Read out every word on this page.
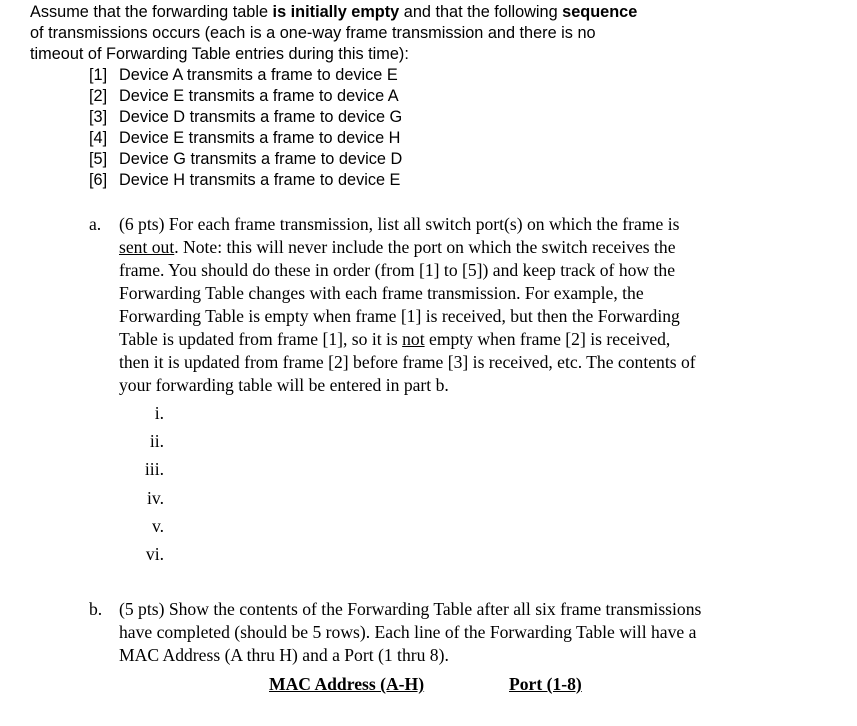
Assume that the forwarding table is initially empty and that the following sequence
of transmissions occurs (each is a one-way frame transmission and there is no
timeout of Forwarding Table entries during this time):
[1] Device A transmits a frame to device E
[2] Device E transmits a frame to device A
[3] Device D transmits a frame to device G
[4] Device E transmits a frame to device H
[5] Device G transmits a frame to device D
[6] Device H transmits a frame to device E
a. (6 pts) For each frame transmission, list all switch port(s) on which the frame is
sent out. Note: this will never include the port on which the switch receives the
frame. You should do these in order (from [1] to [5]) and keep track of how the
Forwarding Table changes with each frame transmission. For example, the
Forwarding Table is empty when frame [1] is received, but then the Forwarding
Table is updated from frame [1], so it is not empty when frame [2] is received,
then it is updated from frame [2] before frame [3] is received, etc. The contents of
your forwarding table will be entered in part b.
i.
ii.
iii.
iv.
v.
vi.
b. (5 pts) Show the contents of the Forwarding Table after all six frame transmissions
have completed (should be 5 rows). Each line of the Forwarding Table will have a
MAC Address (A thru H) and a Port (1 thru 8).
MAC Address (A-H)	Port (1-8)
